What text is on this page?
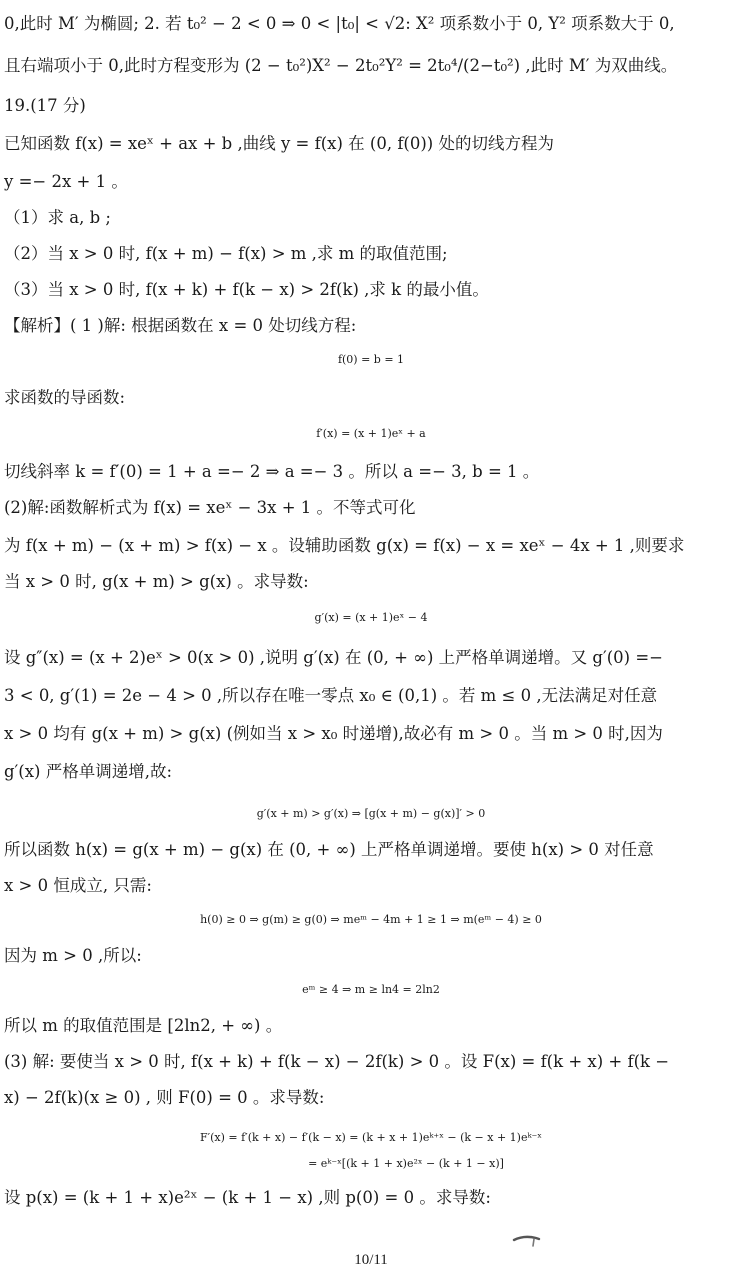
0,此时 M′ 为椭圆; 2. 若 t₀² − 2 < 0 ⇒ 0 < |t₀| < √2: X² 项系数小于 0, Y² 项系数大于 0,
且右端项小于 0,此时方程变形为 (2 − t₀²)X² − 2t₀²Y² = 2t₀⁴/(2−t₀²) ,此时 M′ 为双曲线。
19.(17 分)
已知函数 f(x) = xeˣ + ax + b ,曲线 y = f(x) 在 (0, f(0)) 处的切线方程为
y =− 2x + 1 。
（1）求 a, b ;
（2）当 x > 0 时, f(x + m) − f(x) > m ,求 m 的取值范围;
（3）当 x > 0 时, f(x + k) + f(k − x) > 2f(k) ,求 k 的最小值。
【解析】( 1 )解: 根据函数在 x = 0 处切线方程:
f(0) = b = 1
求函数的导函数:
f′(x) = (x + 1)eˣ + a
切线斜率 k = f′(0) = 1 + a =− 2 ⇒ a =− 3 。所以 a =− 3, b = 1 。
(2)解:函数解析式为 f(x) = xeˣ − 3x + 1 。不等式可化
为 f(x + m) − (x + m) > f(x) − x 。设辅助函数 g(x) = f(x) − x = xeˣ − 4x + 1 ,则要求
当 x > 0 时, g(x + m) > g(x) 。求导数:
g′(x) = (x + 1)eˣ − 4
设 g″(x) = (x + 2)eˣ > 0(x > 0) ,说明 g′(x) 在 (0, + ∞) 上严格单调递增。又 g′(0) =−
3 < 0, g′(1) = 2e − 4 > 0 ,所以存在唯一零点 x₀ ∈ (0,1) 。若 m ≤ 0 ,无法满足对任意
x > 0 均有 g(x + m) > g(x) (例如当 x > x₀ 时递增),故必有 m > 0 。当 m > 0 时,因为
g′(x) 严格单调递增,故:
g′(x + m) > g′(x) ⇒ [g(x + m) − g(x)]′ > 0
所以函数 h(x) = g(x + m) − g(x) 在 (0, + ∞) 上严格单调递增。要使 h(x) > 0 对任意
x > 0 恒成立, 只需:
h(0) ≥ 0 ⇒ g(m) ≥ g(0) ⇒ meᵐ − 4m + 1 ≥ 1 ⇒ m(eᵐ − 4) ≥ 0
因为 m > 0 ,所以:
eᵐ ≥ 4 ⇒ m ≥ ln4 = 2ln2
所以 m 的取值范围是 [2ln2, + ∞) 。
(3) 解: 要使当 x > 0 时, f(x + k) + f(k − x) − 2f(k) > 0 。设 F(x) = f(k + x) + f(k −
x) − 2f(k)(x ≥ 0) , 则 F(0) = 0 。求导数:
F′(x) = f′(k + x) − f′(k − x) = (k + x + 1)eᵏ⁺ˣ − (k − x + 1)eᵏ⁻ˣ
= eᵏ⁻ˣ[(k + 1 + x)e²ˣ − (k + 1 − x)]
设 p(x) = (k + 1 + x)e²ˣ − (k + 1 − x) ,则 p(0) = 0 。求导数:
10/11
